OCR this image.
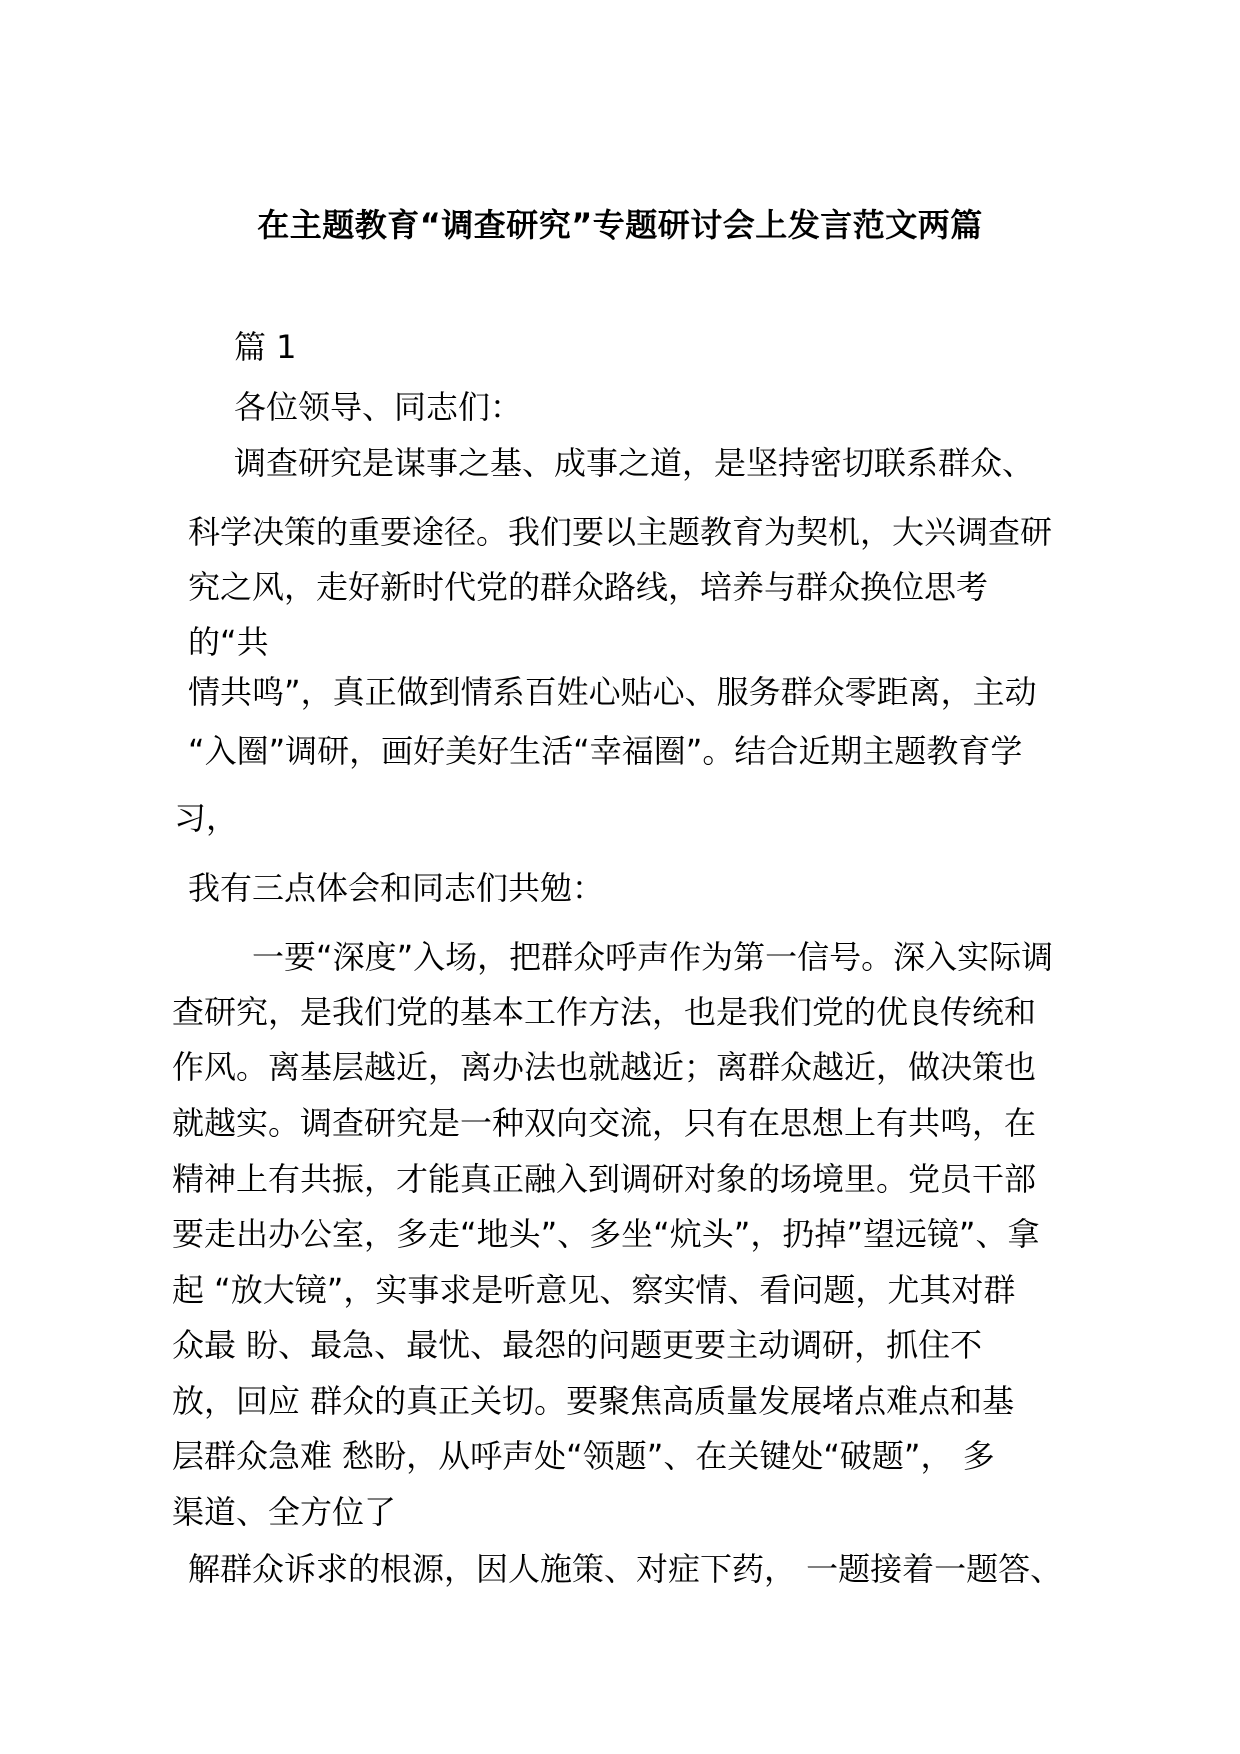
在主题教育“调查研究”专题研讨会上发言范文两篇
篇 1
各位领导、同志们：
调查研究是谋事之基、成事之道，是坚持密切联系群众、
科学决策的重要途径。我们要以主题教育为契机，大兴调查研
究之风，走好新时代党的群众路线，培养与群众换位思考
的“共
情共鸣”，真正做到情系百姓心贴心、服务群众零距离，主动
“入圈”调研，画好美好生活“幸福圈”。结合近期主题教育学
习，
我有三点体会和同志们共勉：
一要“深度”入场，把群众呼声作为第一信号。深入实际调
查研究，是我们党的基本工作方法，也是我们党的优良传统和
作风。离基层越近，离办法也就越近；离群众越近，做决策也
就越实。调查研究是一种双向交流，只有在思想上有共鸣，在
精神上有共振，才能真正融入到调研对象的场境里。党员干部
要走出办公室，多走“地头”、多坐“炕头”，扔掉”望远镜”、拿
起 “放大镜”，实事求是听意见、察实情、看问题，尤其对群
众最 盼、最急、最忧、最怨的问题更要主动调研，抓住不
放，回应 群众的真正关切。要聚焦高质量发展堵点难点和基
层群众急难 愁盼，从呼声处“领题”、在关键处“破题”， 多
渠道、全方位了
解群众诉求的根源，因人施策、对症下药， 一题接着一题答、
